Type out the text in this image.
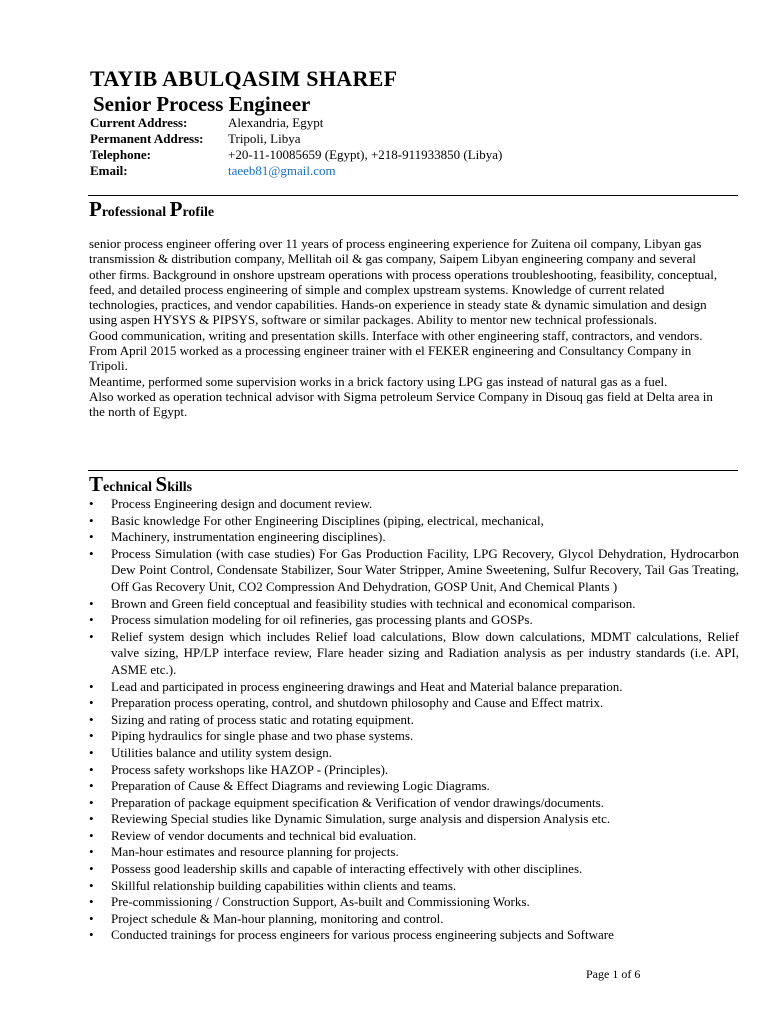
TAYIB ABULQASIM SHAREF
Senior Process Engineer
Current Address:	Alexandria, Egypt
Permanent Address:	Tripoli, Libya
Telephone:	+20-11-10085659 (Egypt), +218-911933850 (Libya)
Email:	taeeb81@gmail.com
Professional Profile

senior process engineer offering over 11 years of process engineering experience for Zuitena oil company, Libyan gas transmission & distribution company, Mellitah oil & gas company, Saipem Libyan engineering company and several other firms. Background in onshore upstream operations with process operations troubleshooting, feasibility, conceptual, feed, and detailed process engineering of simple and complex upstream systems. Knowledge of current related technologies, practices, and vendor capabilities. Hands-on experience in steady state & dynamic simulation and design using aspen HYSYS & PIPSYS, software or similar packages. Ability to mentor new technical professionals.

Good communication, writing and presentation skills. Interface with other engineering staff, contractors, and vendors.

From April 2015 worked as a processing engineer trainer with el FEKER engineering and Consultancy Company in Tripoli.

Meantime, performed some supervision works in a brick factory using LPG gas instead of natural gas as a fuel.

Also worked as operation technical advisor with Sigma petroleum Service Company in Disouq gas field at Delta area in the north of Egypt.

Technical Skills
• Process Engineering design and document review.
• Basic knowledge For other Engineering Disciplines (piping, electrical, mechanical,
• Machinery, instrumentation engineering disciplines).
• Process Simulation (with case studies) For Gas Production Facility, LPG Recovery, Glycol Dehydration, Hydrocarbon Dew Point Control, Condensate Stabilizer, Sour Water Stripper, Amine Sweetening, Sulfur Recovery, Tail Gas Treating, Off Gas Recovery Unit, CO2 Compression And Dehydration, GOSP Unit, And Chemical Plants )
• Brown and Green field conceptual and feasibility studies with technical and economical comparison.
• Process simulation modeling for oil refineries, gas processing plants and GOSPs.
• Relief system design which includes Relief load calculations, Blow down calculations, MDMT calculations, Relief valve sizing, HP/LP interface review, Flare header sizing and Radiation analysis as per industry standards (i.e. API, ASME etc.).
• Lead and participated in process engineering drawings and Heat and Material balance preparation.
• Preparation process operating, control, and shutdown philosophy and Cause and Effect matrix.
• Sizing and rating of process static and rotating equipment.
• Piping hydraulics for single phase and two phase systems.
• Utilities balance and utility system design.
• Process safety workshops like HAZOP - (Principles).
• Preparation of Cause & Effect Diagrams and reviewing Logic Diagrams.
• Preparation of package equipment specification & Verification of vendor drawings/documents.
• Reviewing Special studies like Dynamic Simulation, surge analysis and dispersion Analysis etc.
• Review of vendor documents and technical bid evaluation.
• Man-hour estimates and resource planning for projects.
• Possess good leadership skills and capable of interacting effectively with other disciplines.
• Skillful relationship building capabilities within clients and teams.
• Pre-commissioning / Construction Support, As-built and Commissioning Works.
• Project schedule & Man-hour planning, monitoring and control.
• Conducted trainings for process engineers for various process engineering subjects and Software
Page 1 of 6
